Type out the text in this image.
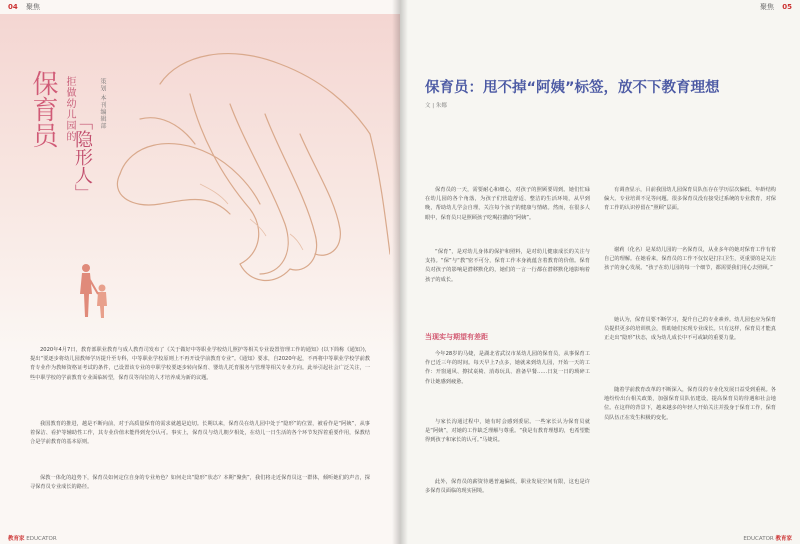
04 聚焦
保育员 拒做幼儿园的
「隐形人」
策划 本刊编辑部
2020年4月7日，教育部职业教育与成人教育司发布了《关于做好中等职业学校幼儿照护等相关专业设置管理工作的通知》(以下简称《通知》)，提出“要逐步将幼儿园教师学历提升至专科，中等职业学校原则上不再开设学前教育专业”。《通知》要求，自2020年起，不再将中等职业学校学前教育专业作为教师资格证考试的条件，已设置该专业的中职学校要逐步转向保育、婴幼儿托育服务与管理等相关专业方向。此举引起社会广泛关注，一些中职学校的学前教育专业面临转型，保育员等岗位的人才培养成为新的议题。
我国教育的推进，越是不断向前，对于高质量保育的需求就越是迫切。长期以来，保育员在幼儿园中处于“隐形”的位置，被看作是“阿姨”，从事着保洁、看护等辅助性工作，其专业价值未能得到充分认可。事实上，保育员与幼儿朝夕相处，在幼儿一日生活的各个环节发挥着重要作用，保教结合是学前教育的基本原则。
保教一体化的趋势下，保育员如何定位自身的专业角色？如何走出“隐形”状态？本期“聚焦”，我们将走近保育员这一群体，倾听她们的声音，探寻保育员专业成长的路径。
教育家 EDUCATOR
聚焦 05
EDUCATOR 教育家
保育员：甩不掉“阿姨”标签，放不下教育理想
文 | 朱娜
保育员的一天，需要耐心和细心，对孩子的照顾要周到。她们忙碌在幼儿园的各个角落，为孩子们营造舒适、整洁的生活环境，从早到晚，帮助幼儿学会自理，关注每个孩子的健康与情绪。然而，在很多人眼中，保育员只是照顾孩子吃喝拉撒的“阿姨”。
“保育”，是对幼儿身体的保护和照料，是对幼儿健康成长的关注与支持。“保”与“教”密不可分，保育工作本身就蕴含着教育的价值。保育员对孩子的影响是潜移默化的，她们的一言一行都在潜移默化地影响着孩子的成长。
当现实与期望有差距
今年28岁的马婕，是湖北省武汉市某幼儿园的保育员，从事保育工作已近三年的时间。每天早上7点多，她就来到幼儿园，开始一天的工作：开窗通风、擦拭桌椅、消毒玩具、准备早餐……日复一日的琐碎工作让她感到疲惫。
与家长沟通过程中，她有时会感到委屈。一些家长认为保育员就是“阿姨”，对她的工作缺乏理解与尊重。“我是有教育理想的，也希望能得到孩子和家长的认可。”马婕说。
此外，保育员的薪资待遇普遍偏低，职业发展空间有限，这也是许多保育员面临的现实困境。
有调查显示，目前我国幼儿园保育员队伍存在学历层次偏低、年龄结构偏大、专业培训不足等问题。很多保育员没有接受过系统的专业教育，对保育工作的认识停留在“照顾”层面。
谢莉（化名）是某幼儿园的一名保育员，从业多年的她对保育工作有着自己的理解。在她看来，保育员的工作不仅仅是打扫卫生，更重要的是关注孩子的身心发展。“孩子在幼儿园的每一个细节，都需要我们用心去照顾。”
她认为，保育员要不断学习，提升自己的专业素养。幼儿园也应为保育员提供更多的培训机会，帮助她们实现专业成长。只有这样，保育员才能真正走出“隐形”状态，成为幼儿成长中不可或缺的重要力量。
随着学前教育改革的不断深入，保育员的专业化发展日益受到重视。各地纷纷出台相关政策，加强保育员队伍建设，提高保育员的待遇和社会地位。在这样的背景下，越来越多的年轻人开始关注并投身于保育工作，保育员队伍正在发生积极的变化。
